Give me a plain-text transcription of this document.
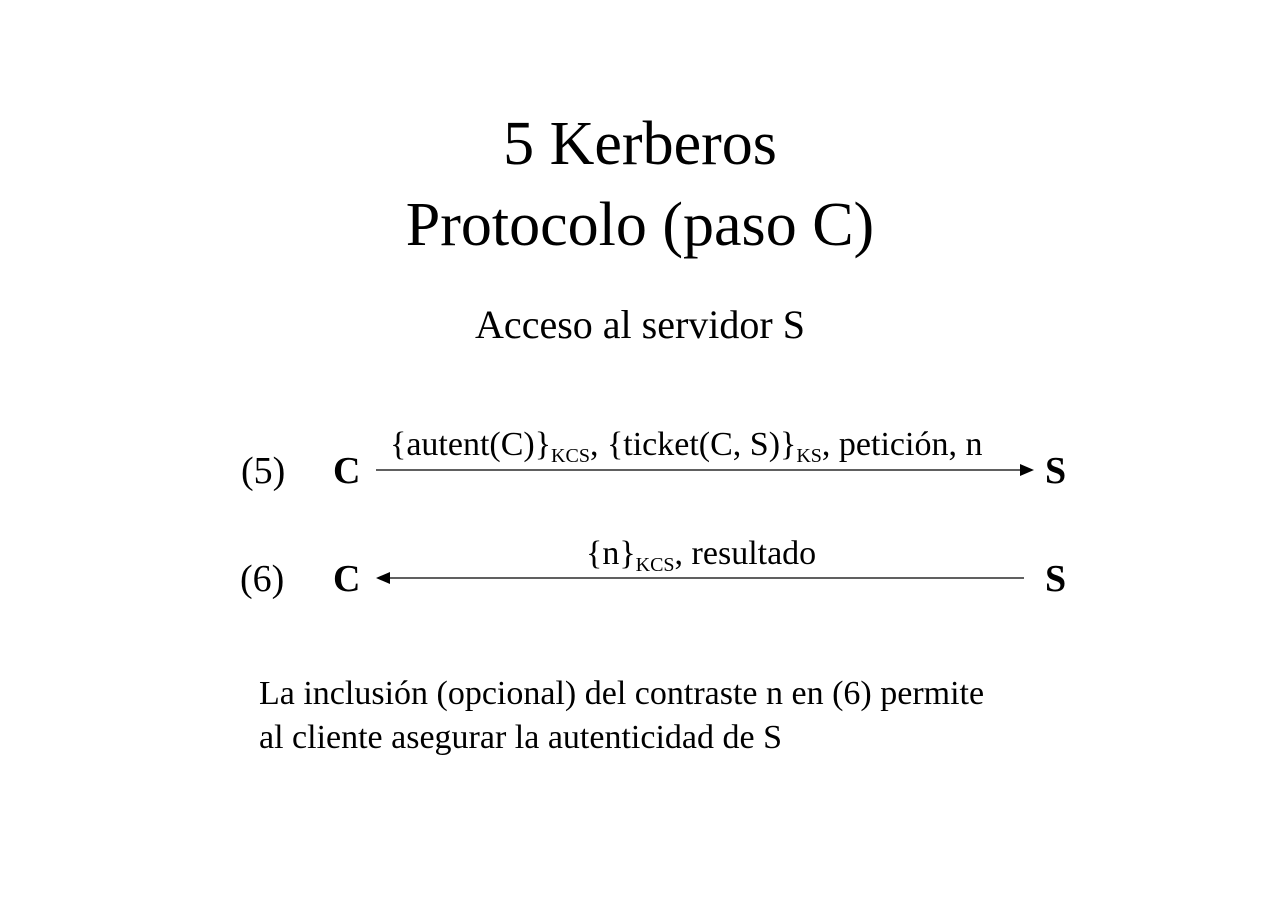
5 Kerberos
Protocolo (paso C)
Acceso al servidor S
(5) C	S
$\{autent(C)\}_{KCS}$, {ticket(C, $S)\}_{KS}$, petición, n
(6) C	S
$\{n\}_{KCS}$, resultado
La inclusión (opcional) del contraste n en (6) permite
al cliente asegurar la autenticidad de S
